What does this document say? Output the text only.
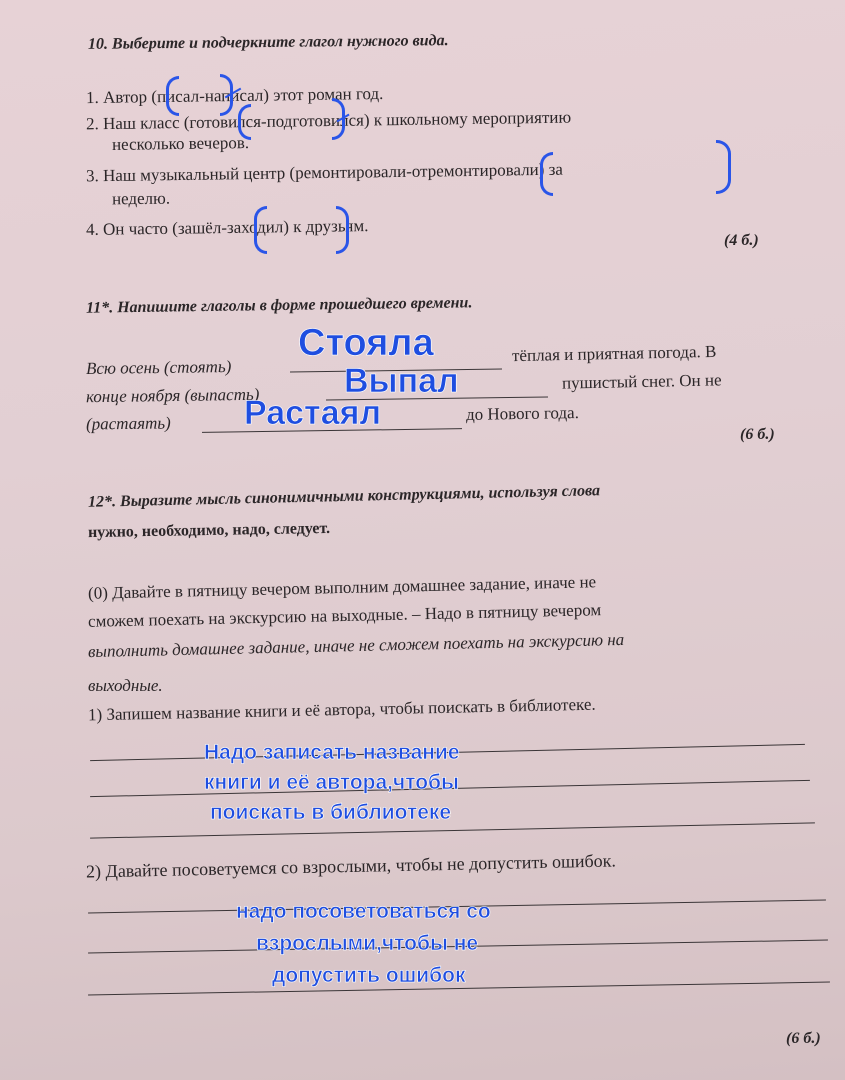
10. Выберите и подчеркните глагол нужного вида.
1. Автор (писал-написал) этот роман год.
2. Наш класс (готовился-подготовился) к школьному мероприятию
несколько вечеров.
3. Наш музыкальный центр (ремонтировали-отремонтировали) за
неделю.
4. Он часто (зашёл-заходил) к друзьям.
(4 б.)
11*. Напишите глаголы в форме прошедшего времени.
Всю осень (стоять)
тёплая и приятная погода. В
конце ноября (выпасть)
пушистый снег. Он не
(растаять)	до Нового года.
(6 б.)
Стояла
Выпал
Растаял
12*. Выразите мысль синонимичными конструкциями, используя слова
нужно, необходимо, надо, следует.
(0) Давайте в пятницу вечером выполним домашнее задание, иначе не
сможем поехать на экскурсию на выходные. – Надо в пятницу вечером
выполнить домашнее задание, иначе не сможем поехать на экскурсию на
выходные.
1) Запишем название книги и её автора, чтобы поискать в библиотеке.
Надо записать название
книги и её автора,чтобы
поискать в библиотеке
2) Давайте посоветуемся со взрослыми, чтобы не допустить ошибок.
надо посоветоваться со
взрослыми,чтобы не
допустить ошибок
(6 б.)
